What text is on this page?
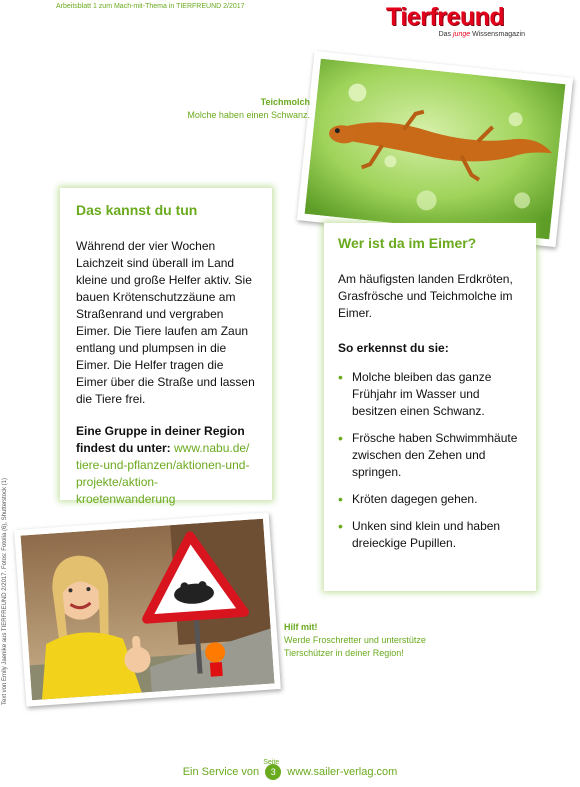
Arbeitsblatt 1 zum Mach-mit-Thema in TIERFREUND 2/2017	Tierfreund
Das junge Wissensmagazin
Teichmolch
Molche haben einen Schwanz.
Das kannst du tun

Während der vier Wochen Laichzeit sind überall im Land kleine und große Helfer aktiv. Sie bauen Krötenschutzzäune am Straßenrand und vergraben Eimer. Die Tiere laufen am Zaun entlang und plumpsen in die Eimer. Die Helfer tragen die Eimer über die Straße und lassen die Tiere frei.

Eine Gruppe in deiner Region findest du unter: www.nabu.de/ tiere-und-pflanzen/aktionen-und-projekte/aktion-kroetenwanderung

Wer ist da im Eimer?

Am häufigsten landen Erdkröten, Grasfrösche und Teichmolche im Eimer.

So erkennst du sie:

• Molche bleiben das ganze Frühjahr im Wasser und besitzen einen Schwanz.
• Frösche haben Schwimmhäute zwischen den Zehen und springen.
• Kröten dagegen gehen.
• Unken sind klein und haben dreieckige Pupillen.
Hilf mit!
Werde Froschretter und unterstütze Tierschützer in deiner Region!
Text von Emily Jaenike aus TIERFREUND 2/2017. Fotos: Fotolia (6), Shutterstock (1)
Ein Service von
Seite
3 www.sailer-verlag.com
